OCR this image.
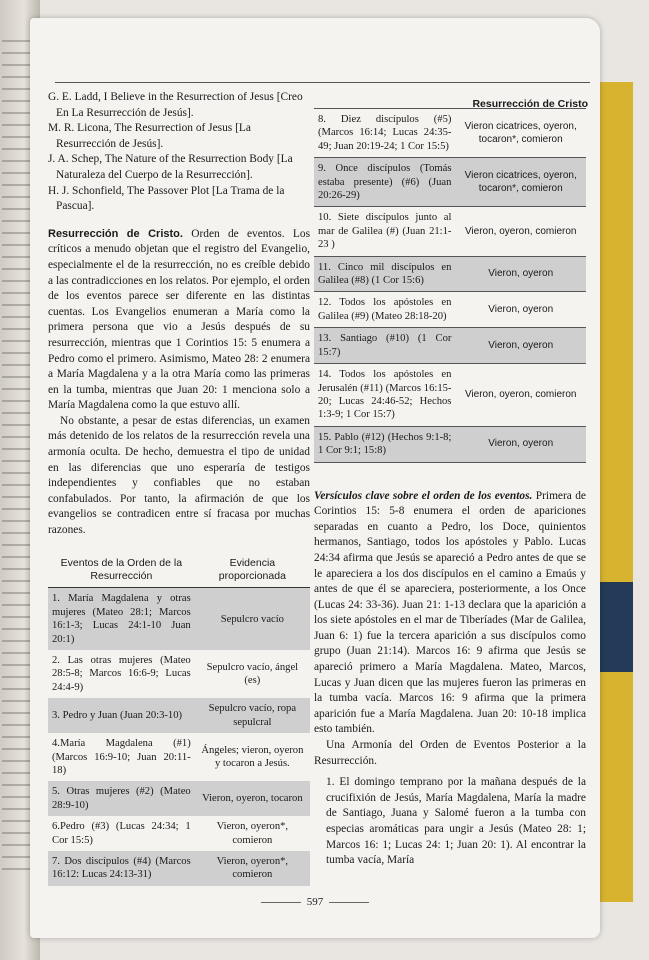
Resurrección de Cristo

G. E. Ladd, I Believe in the Resurrection of Jesus [Creo En La Resurrección de Jesús].

M. R. Licona, The Resurrection of Jesus [La Resurrección de Jesús].

J. A. Schep, The Nature of the Resurrection Body [La Naturaleza del Cuerpo de la Resurrección].

H. J. Schonfield, The Passover Plot [La Trama de la Pascua].

Resurrección de Cristo. Orden de eventos. Los críticos a menudo objetan que el registro del Evangelio, especialmente el de la resurrección, no es creíble debido a las contradicciones en los relatos. Por ejemplo, el orden de los eventos parece ser diferente en las distintas cuentas. Los Evangelios enumeran a María como la primera persona que vio a Jesús después de su resurrección, mientras que 1 Corintios 15: 5 enumera a Pedro como el primero. Asimismo, Mateo 28: 2 enumera a María Magdalena y a la otra María como las primeras en la tumba, mientras que Juan 20: 1 menciona solo a María Magdalena como la que estuvo allí.

No obstante, a pesar de estas diferencias, un examen más detenido de los relatos de la resurrección revela una armonía oculta. De hecho, demuestra el tipo de unidad en las diferencias que uno esperaría de testigos independientes y confiables que no estaban confabulados. Por tanto, la afirmación de que los evangelios se contradicen entre sí fracasa por muchas razones.

Eventos de la Orden de la Resurrección	Evidencia proporcionada
1. María Magdalena y otras mujeres (Mateo 28:1; Marcos 16:1-3; Lucas 24:1-10 Juan 20:1)	Sepulcro vacío
2. Las otras mujeres (Mateo 28:5-8; Marcos 16:6-9; Lucas 24:4-9)	Sepulcro vacío, ángel (es)
3. Pedro y Juan (Juan 20:3-10)	Sepulcro vacío, ropa sepulcral
4.María Magdalena (#1) (Marcos 16:9-10; Juan 20:11-18)	Ángeles; vieron, oyeron y tocaron a Jesús.
5. Otras mujeres (#2) (Mateo 28:9-10)	Vieron, oyeron, tocaron
6.Pedro (#3) (Lucas 24:34; 1 Cor 15:5)	Vieron, oyeron*, comieron
7. Dos discípulos (#4) (Marcos 16:12: Lucas 24:13-31)	Vieron, oyeron*, comieron
8. Diez discípulos (#5) (Marcos 16:14; Lucas 24:35-49; Juan 20:19-24; 1 Cor 15:5)	Vieron cicatrices, oyeron, tocaron*, comieron
9. Once discípulos (Tomás estaba presente) (#6) (Juan 20:26-29)	Vieron cicatrices, oyeron, tocaron*, comieron
10. Siete discípulos junto al mar de Galilea (#) (Juan 21:1-23 )	Vieron, oyeron, comieron
11. Cinco mil discípulos en Galilea (#8) (1 Cor 15:6)	Vieron, oyeron
12. Todos los apóstoles en Galilea (#9) (Mateo 28:18-20)	Vieron, oyeron
13. Santiago (#10) (1 Cor 15:7)	Vieron, oyeron
14. Todos los apóstoles en Jerusalén (#11) (Marcos 16:15-20; Lucas 24:46-52; Hechos 1:3-9; 1 Cor 15:7)	Vieron, oyeron, comieron
15. Pablo (#12) (Hechos 9:1-8; 1 Cor 9:1; 15:8)	Vieron, oyeron

Versículos clave sobre el orden de los eventos. Primera de Corintios 15: 5-8 enumera el orden de apariciones separadas en cuanto a Pedro, los Doce, quinientos hermanos, Santiago, todos los apóstoles y Pablo. Lucas 24:34 afirma que Jesús se apareció a Pedro antes de que se le apareciera a los dos discípulos en el camino a Emaús y antes de que él se apareciera, posteriormente, a los Once (Lucas 24: 33-36). Juan 21: 1-13 declara que la aparición a los siete apóstoles en el mar de Tiberíades (Mar de Galilea, Juan 6: 1) fue la tercera aparición a sus discípulos como grupo (Juan 21:14). Marcos 16: 9 afirma que Jesús se apareció primero a María Magdalena. Mateo, Marcos, Lucas y Juan dicen que las mujeres fueron las primeras en la tumba vacía. Marcos 16: 9 afirma que la primera aparición fue a María Magdalena. Juan 20: 10-18 implica esto también.

Una Armonía del Orden de Eventos Posterior a la Resurrección.

1. El domingo temprano por la mañana después de la crucifixión de Jesús, María Magdalena, María la madre de Santiago, Juana y Salomé fueron a la tumba con especias aromáticas para ungir a Jesús (Mateo 28: 1; Marcos 16: 1; Lucas 24: 1; Juan 20: 1). Al encontrar la tumba vacía, María

597
